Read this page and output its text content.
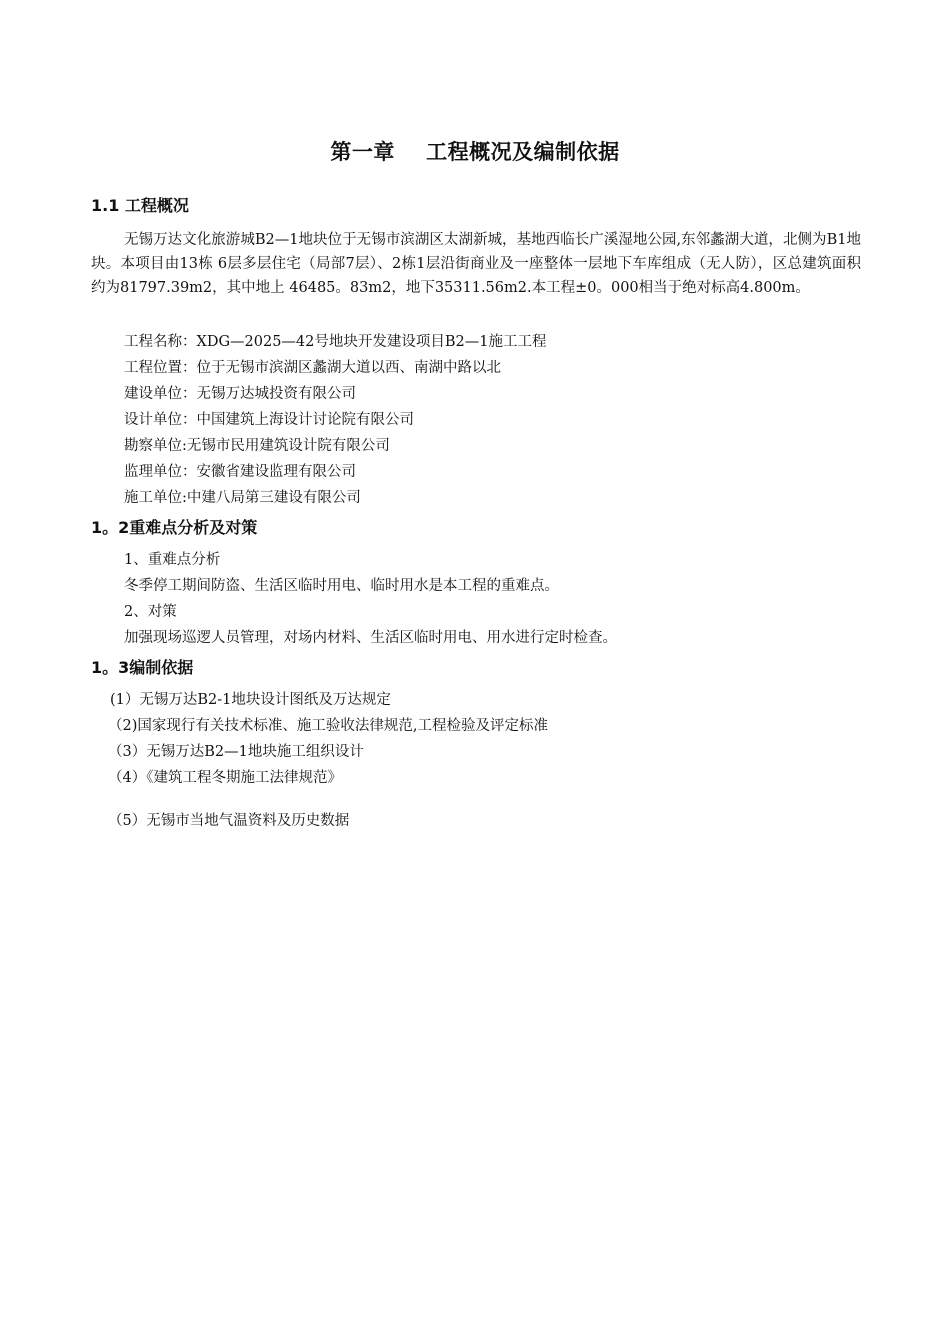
第一章    工程概况及编制依据
1.1 工程概况
无锡万达文化旅游城B2—1地块位于无锡市滨湖区太湖新城，基地西临长广溪湿地公园,东邻蠡湖大道，北侧为B1地块。本项目由13栋 6层多层住宅（局部7层）、2栋1层沿街商业及一座整体一层地下车库组成（无人防），区总建筑面积约为81797.39m2，其中地上 46485。83m2，地下35311.56m2.本工程±0。000相当于绝对标高4.800m。
工程名称：XDG—2025—42号地块开发建设项目B2—1施工工程
工程位置：位于无锡市滨湖区蠡湖大道以西、南湖中路以北
建设单位：无锡万达城投资有限公司
设计单位：中国建筑上海设计讨论院有限公司
勘察单位:无锡市民用建筑设计院有限公司
监理单位：安徽省建设监理有限公司
施工单位:中建八局第三建设有限公司
1。2重难点分析及对策
1、重难点分析
冬季停工期间防盗、生活区临时用电、临时用水是本工程的重难点。
2、对策
加强现场巡逻人员管理，对场内材料、生活区临时用电、用水进行定时检查。
1。3编制依据
(1）无锡万达B2-1地块设计图纸及万达规定
（2)国家现行有关技术标准、施工验收法律规范,工程检验及评定标准
（3）无锡万达B2—1地块施工组织设计
（4）《建筑工程冬期施工法律规范》
（5）无锡市当地气温资料及历史数据
